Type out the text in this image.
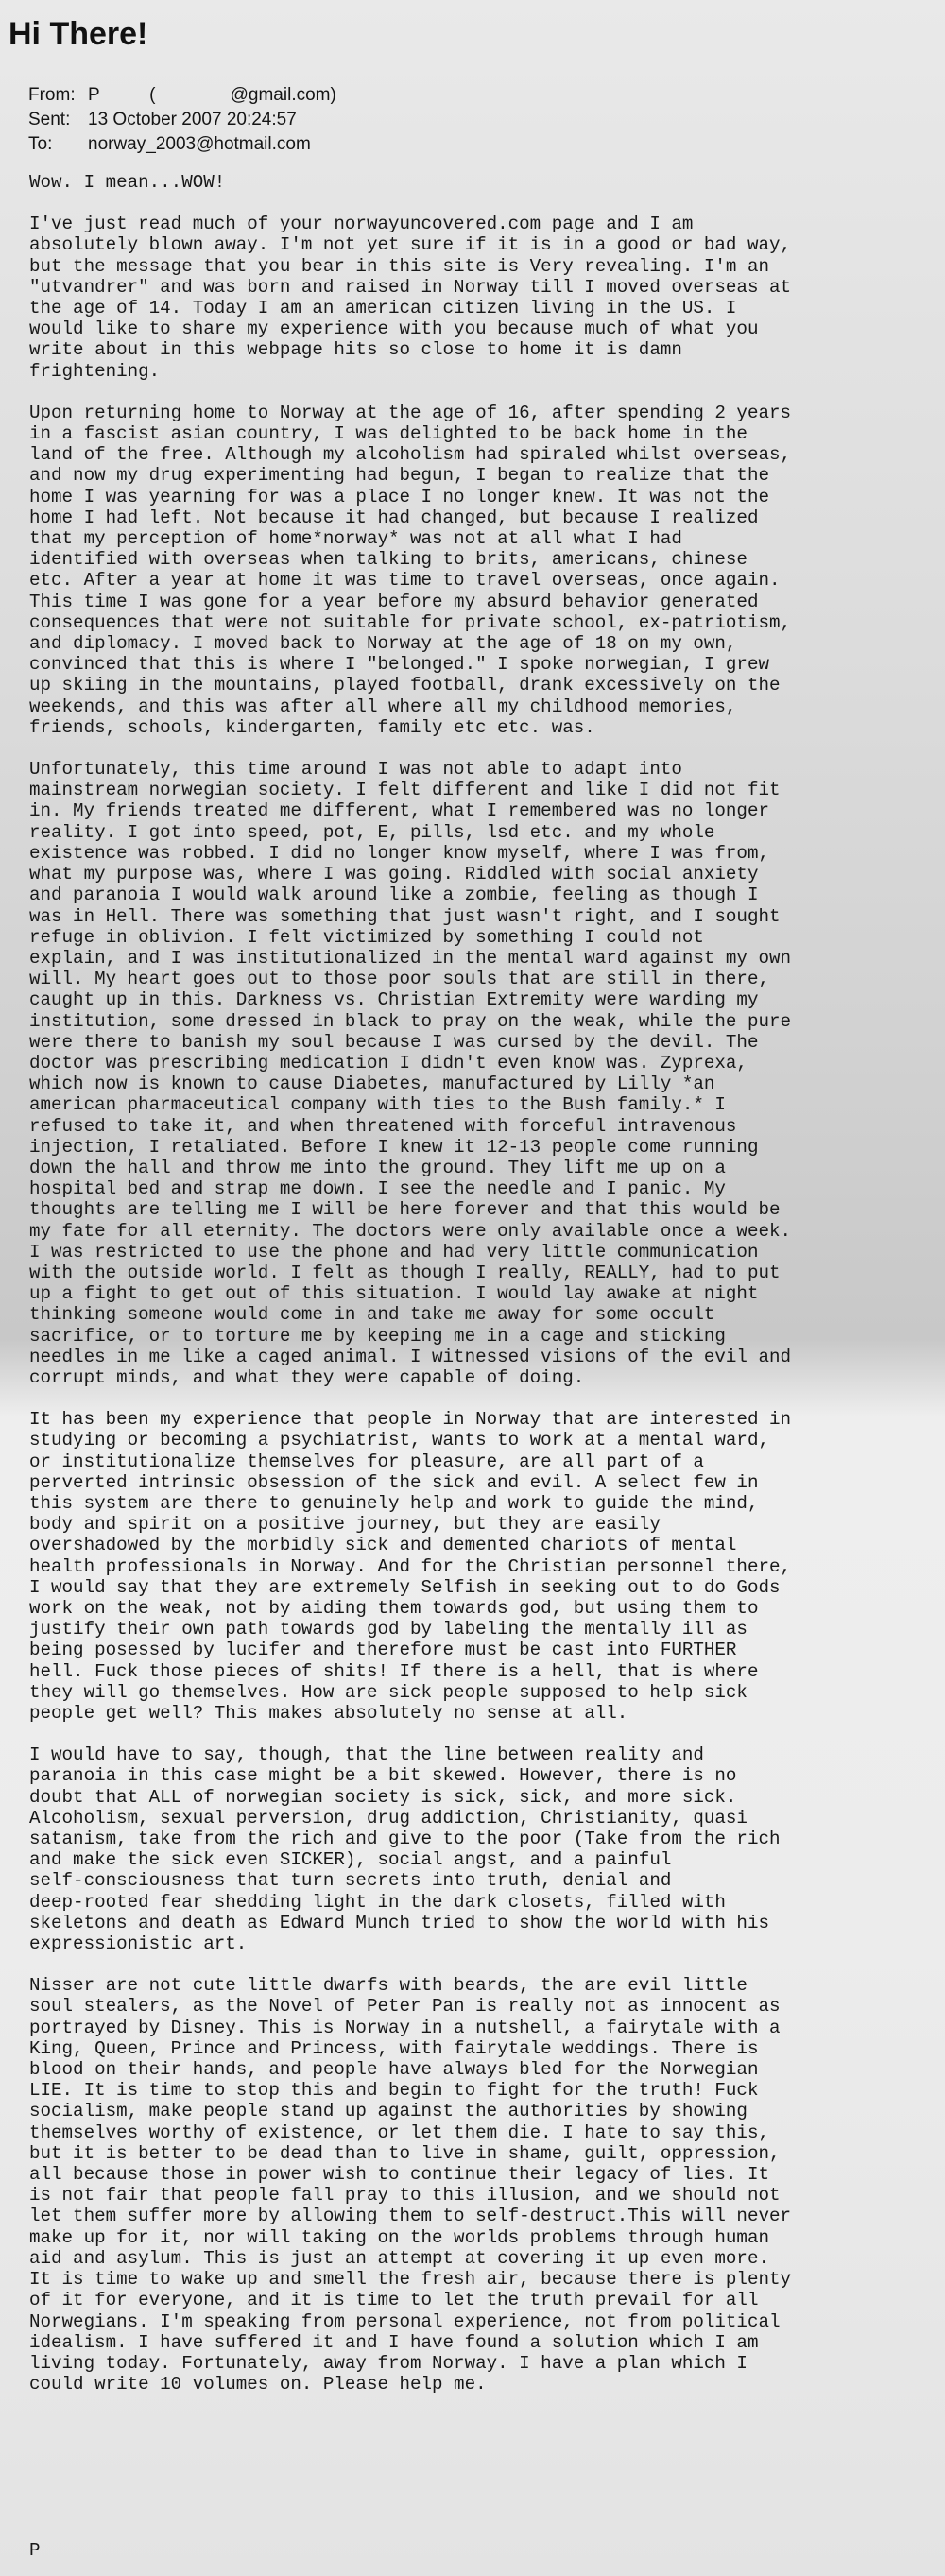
Hi There!
From: P          (               @gmail.com)
Sent: 13 October 2007 20:24:57
To: norway_2003@hotmail.com

Wow. I mean...WOW!

I've just read much of your norwayuncovered.com page and I am
absolutely blown away. I'm not yet sure if it is in a good or bad way,
but the message that you bear in this site is Very revealing. I'm an
"utvandrer" and was born and raised in Norway till I moved overseas at
the age of 14. Today I am an american citizen living in the US. I
would like to share my experience with you because much of what you
write about in this webpage hits so close to home it is damn
frightening.

Upon returning home to Norway at the age of 16, after spending 2 years
in a fascist asian country, I was delighted to be back home in the
land of the free. Although my alcoholism had spiraled whilst overseas,
and now my drug experimenting had begun, I began to realize that the
home I was yearning for was a place I no longer knew. It was not the
home I had left. Not because it had changed, but because I realized
that my perception of home*norway* was not at all what I had
identified with overseas when talking to brits, americans, chinese
etc. After a year at home it was time to travel overseas, once again.
This time I was gone for a year before my absurd behavior generated
consequences that were not suitable for private school, ex-patriotism,
and diplomacy. I moved back to Norway at the age of 18 on my own,
convinced that this is where I "belonged." I spoke norwegian, I grew
up skiing in the mountains, played football, drank excessively on the
weekends, and this was after all where all my childhood memories,
friends, schools, kindergarten, family etc etc. was.

Unfortunately, this time around I was not able to adapt into
mainstream norwegian society. I felt different and like I did not fit
in. My friends treated me different, what I remembered was no longer
reality. I got into speed, pot, E, pills, lsd etc. and my whole
existence was robbed. I did no longer know myself, where I was from,
what my purpose was, where I was going. Riddled with social anxiety
and paranoia I would walk around like a zombie, feeling as though I
was in Hell. There was something that just wasn't right, and I sought
refuge in oblivion. I felt victimized by something I could not
explain, and I was institutionalized in the mental ward against my own
will. My heart goes out to those poor souls that are still in there,
caught up in this. Darkness vs. Christian Extremity were warding my
institution, some dressed in black to pray on the weak, while the pure
were there to banish my soul because I was cursed by the devil. The
doctor was prescribing medication I didn't even know was. Zyprexa,
which now is known to cause Diabetes, manufactured by Lilly *an
american pharmaceutical company with ties to the Bush family.* I
refused to take it, and when threatened with forceful intravenous
injection, I retaliated. Before I knew it 12-13 people come running
down the hall and throw me into the ground. They lift me up on a
hospital bed and strap me down. I see the needle and I panic. My
thoughts are telling me I will be here forever and that this would be
my fate for all eternity. The doctors were only available once a week.
I was restricted to use the phone and had very little communication
with the outside world. I felt as though I really, REALLY, had to put
up a fight to get out of this situation. I would lay awake at night
thinking someone would come in and take me away for some occult
sacrifice, or to torture me by keeping me in a cage and sticking
needles in me like a caged animal. I witnessed visions of the evil and
corrupt minds, and what they were capable of doing.

It has been my experience that people in Norway that are interested in
studying or becoming a psychiatrist, wants to work at a mental ward,
or institutionalize themselves for pleasure, are all part of a
perverted intrinsic obsession of the sick and evil. A select few in
this system are there to genuinely help and work to guide the mind,
body and spirit on a positive journey, but they are easily
overshadowed by the morbidly sick and demented chariots of mental
health professionals in Norway. And for the Christian personnel there,
I would say that they are extremely Selfish in seeking out to do Gods
work on the weak, not by aiding them towards god, but using them to
justify their own path towards god by labeling the mentally ill as
being posessed by lucifer and therefore must be cast into FURTHER
hell. Fuck those pieces of shits! If there is a hell, that is where
they will go themselves. How are sick people supposed to help sick
people get well? This makes absolutely no sense at all.

I would have to say, though, that the line between reality and
paranoia in this case might be a bit skewed. However, there is no
doubt that ALL of norwegian society is sick, sick, and more sick.
Alcoholism, sexual perversion, drug addiction, Christianity, quasi
satanism, take from the rich and give to the poor (Take from the rich
and make the sick even SICKER), social angst, and a painful
self-consciousness that turn secrets into truth, denial and
deep-rooted fear shedding light in the dark closets, filled with
skeletons and death as Edward Munch tried to show the world with his
expressionistic art.

Nisser are not cute little dwarfs with beards, the are evil little
soul stealers, as the Novel of Peter Pan is really not as innocent as
portrayed by Disney. This is Norway in a nutshell, a fairytale with a
King, Queen, Prince and Princess, with fairytale weddings. There is
blood on their hands, and people have always bled for the Norwegian
LIE. It is time to stop this and begin to fight for the truth! Fuck
socialism, make people stand up against the authorities by showing
themselves worthy of existence, or let them die. I hate to say this,
but it is better to be dead than to live in shame, guilt, oppression,
all because those in power wish to continue their legacy of lies. It
is not fair that people fall pray to this illusion, and we should not
let them suffer more by allowing them to self-destruct.This will never
make up for it, nor will taking on the worlds problems through human
aid and asylum. This is just an attempt at covering it up even more.
It is time to wake up and smell the fresh air, because there is plenty
of it for everyone, and it is time to let the truth prevail for all
Norwegians. I'm speaking from personal experience, not from political
idealism. I have suffered it and I have found a solution which I am
living today. Fortunately, away from Norway. I have a plan which I
could write 10 volumes on. Please help me.

P
